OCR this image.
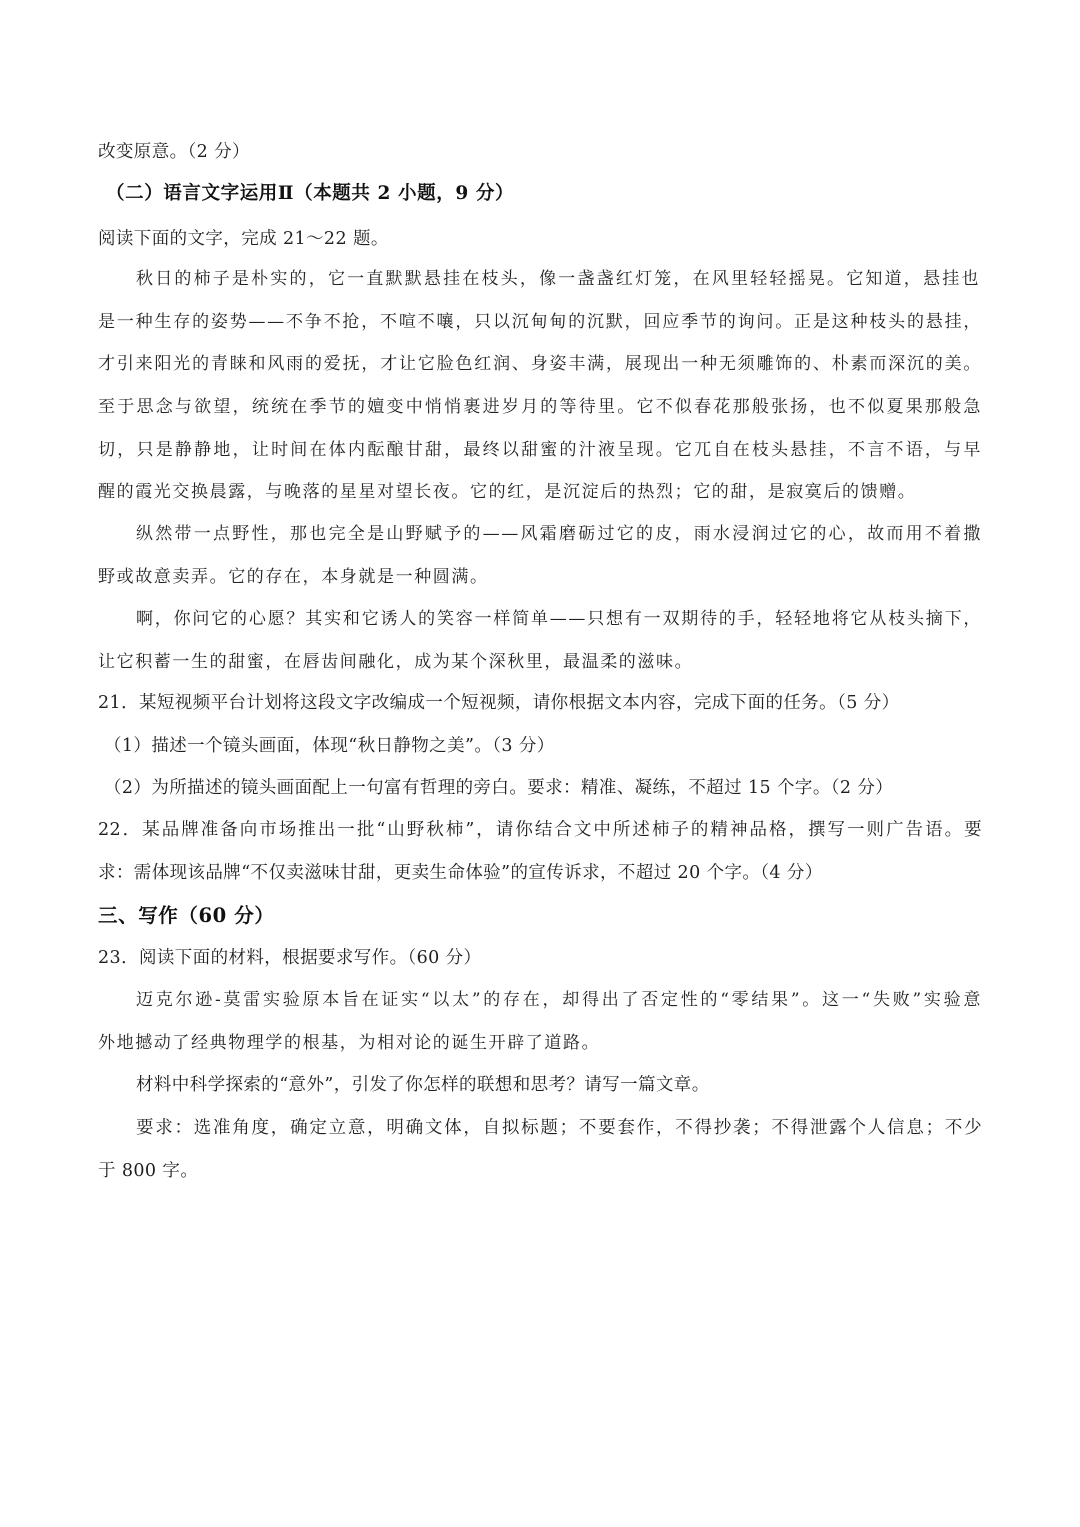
改变原意。（2 分）
（二）语言文字运用Ⅱ（本题共 2 小题，9 分）
阅读下面的文字，完成 21～22 题。
秋日的柿子是朴实的，它一直默默悬挂在枝头，像一盏盏红灯笼，在风里轻轻摇晃。它知道，悬挂也
是一种生存的姿势——不争不抢，不喧不嚷，只以沉甸甸的沉默，回应季节的询问。正是这种枝头的悬挂，
才引来阳光的青睐和风雨的爱抚，才让它脸色红润、身姿丰满，展现出一种无须雕饰的、朴素而深沉的美。
至于思念与欲望，统统在季节的嬗变中悄悄裹进岁月的等待里。它不似春花那般张扬，也不似夏果那般急
切，只是静静地，让时间在体内酝酿甘甜，最终以甜蜜的汁液呈现。它兀自在枝头悬挂，不言不语，与早
醒的霞光交换晨露，与晚落的星星对望长夜。它的红，是沉淀后的热烈；它的甜，是寂寞后的馈赠。
纵然带一点野性，那也完全是山野赋予的——风霜磨砺过它的皮，雨水浸润过它的心，故而用不着撒
野或故意卖弄。它的存在，本身就是一种圆满。
啊，你问它的心愿？其实和它诱人的笑容一样简单——只想有一双期待的手，轻轻地将它从枝头摘下，
让它积蓄一生的甜蜜，在唇齿间融化，成为某个深秋里，最温柔的滋味。
21．某短视频平台计划将这段文字改编成一个短视频，请你根据文本内容，完成下面的任务。（5 分）
（1）描述一个镜头画面，体现“秋日静物之美”。（3 分）
（2）为所描述的镜头画面配上一句富有哲理的旁白。要求：精准、凝练，不超过 15 个字。（2 分）
22．某品牌准备向市场推出一批“山野秋柿”，请你结合文中所述柿子的精神品格，撰写一则广告语。要
求：需体现该品牌“不仅卖滋味甘甜，更卖生命体验”的宣传诉求，不超过 20 个字。（4 分）
三、写作（60 分）
23．阅读下面的材料，根据要求写作。（60 分）
迈克尔逊-莫雷实验原本旨在证实“以太”的存在，却得出了否定性的“零结果”。这一“失败”实验意
外地撼动了经典物理学的根基，为相对论的诞生开辟了道路。
材料中科学探索的“意外”，引发了你怎样的联想和思考？请写一篇文章。
要求：选准角度，确定立意，明确文体，自拟标题；不要套作，不得抄袭；不得泄露个人信息；不少
于 800 字。
